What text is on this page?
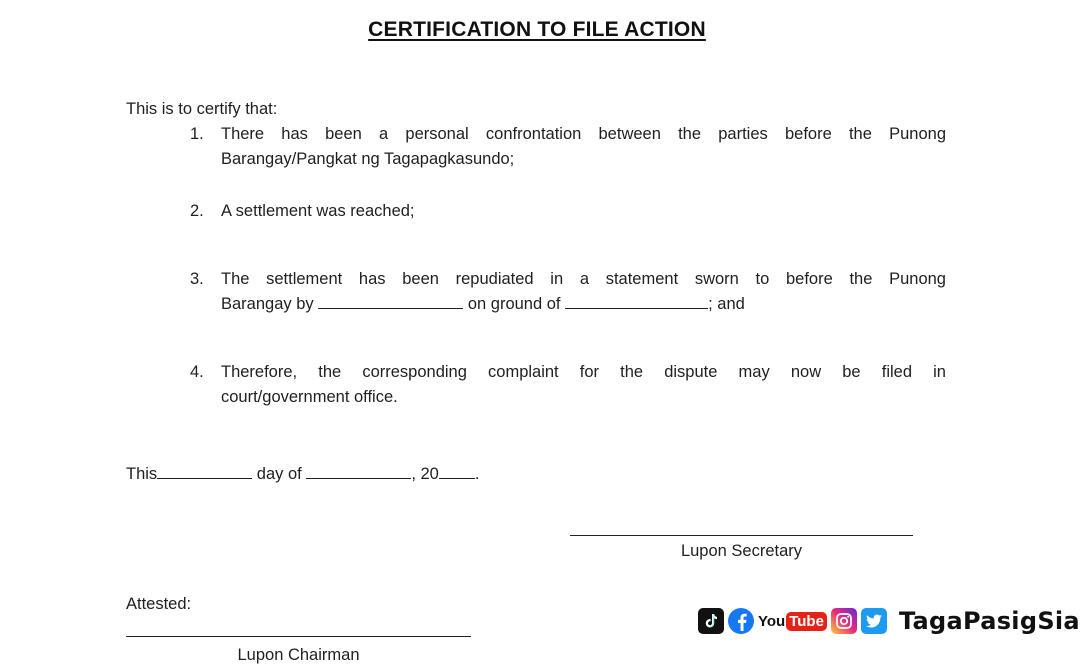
CERTIFICATION TO FILE ACTION
This is to certify that:
1. There has been a personal confrontation between the parties before the Punong
Barangay/Pangkat ng Tagapagkasundo;
2. A settlement was reached;
3. The settlement has been repudiated in a statement sworn to before the Punong
Barangay by	on ground of	; and
4. Therefore, the corresponding complaint for the dispute may now be filed in
court/government office.
This	day of	, 20 .
Lupon Secretary
Attested:
Lupon Chairman
You Tube	TagaPasigSia
